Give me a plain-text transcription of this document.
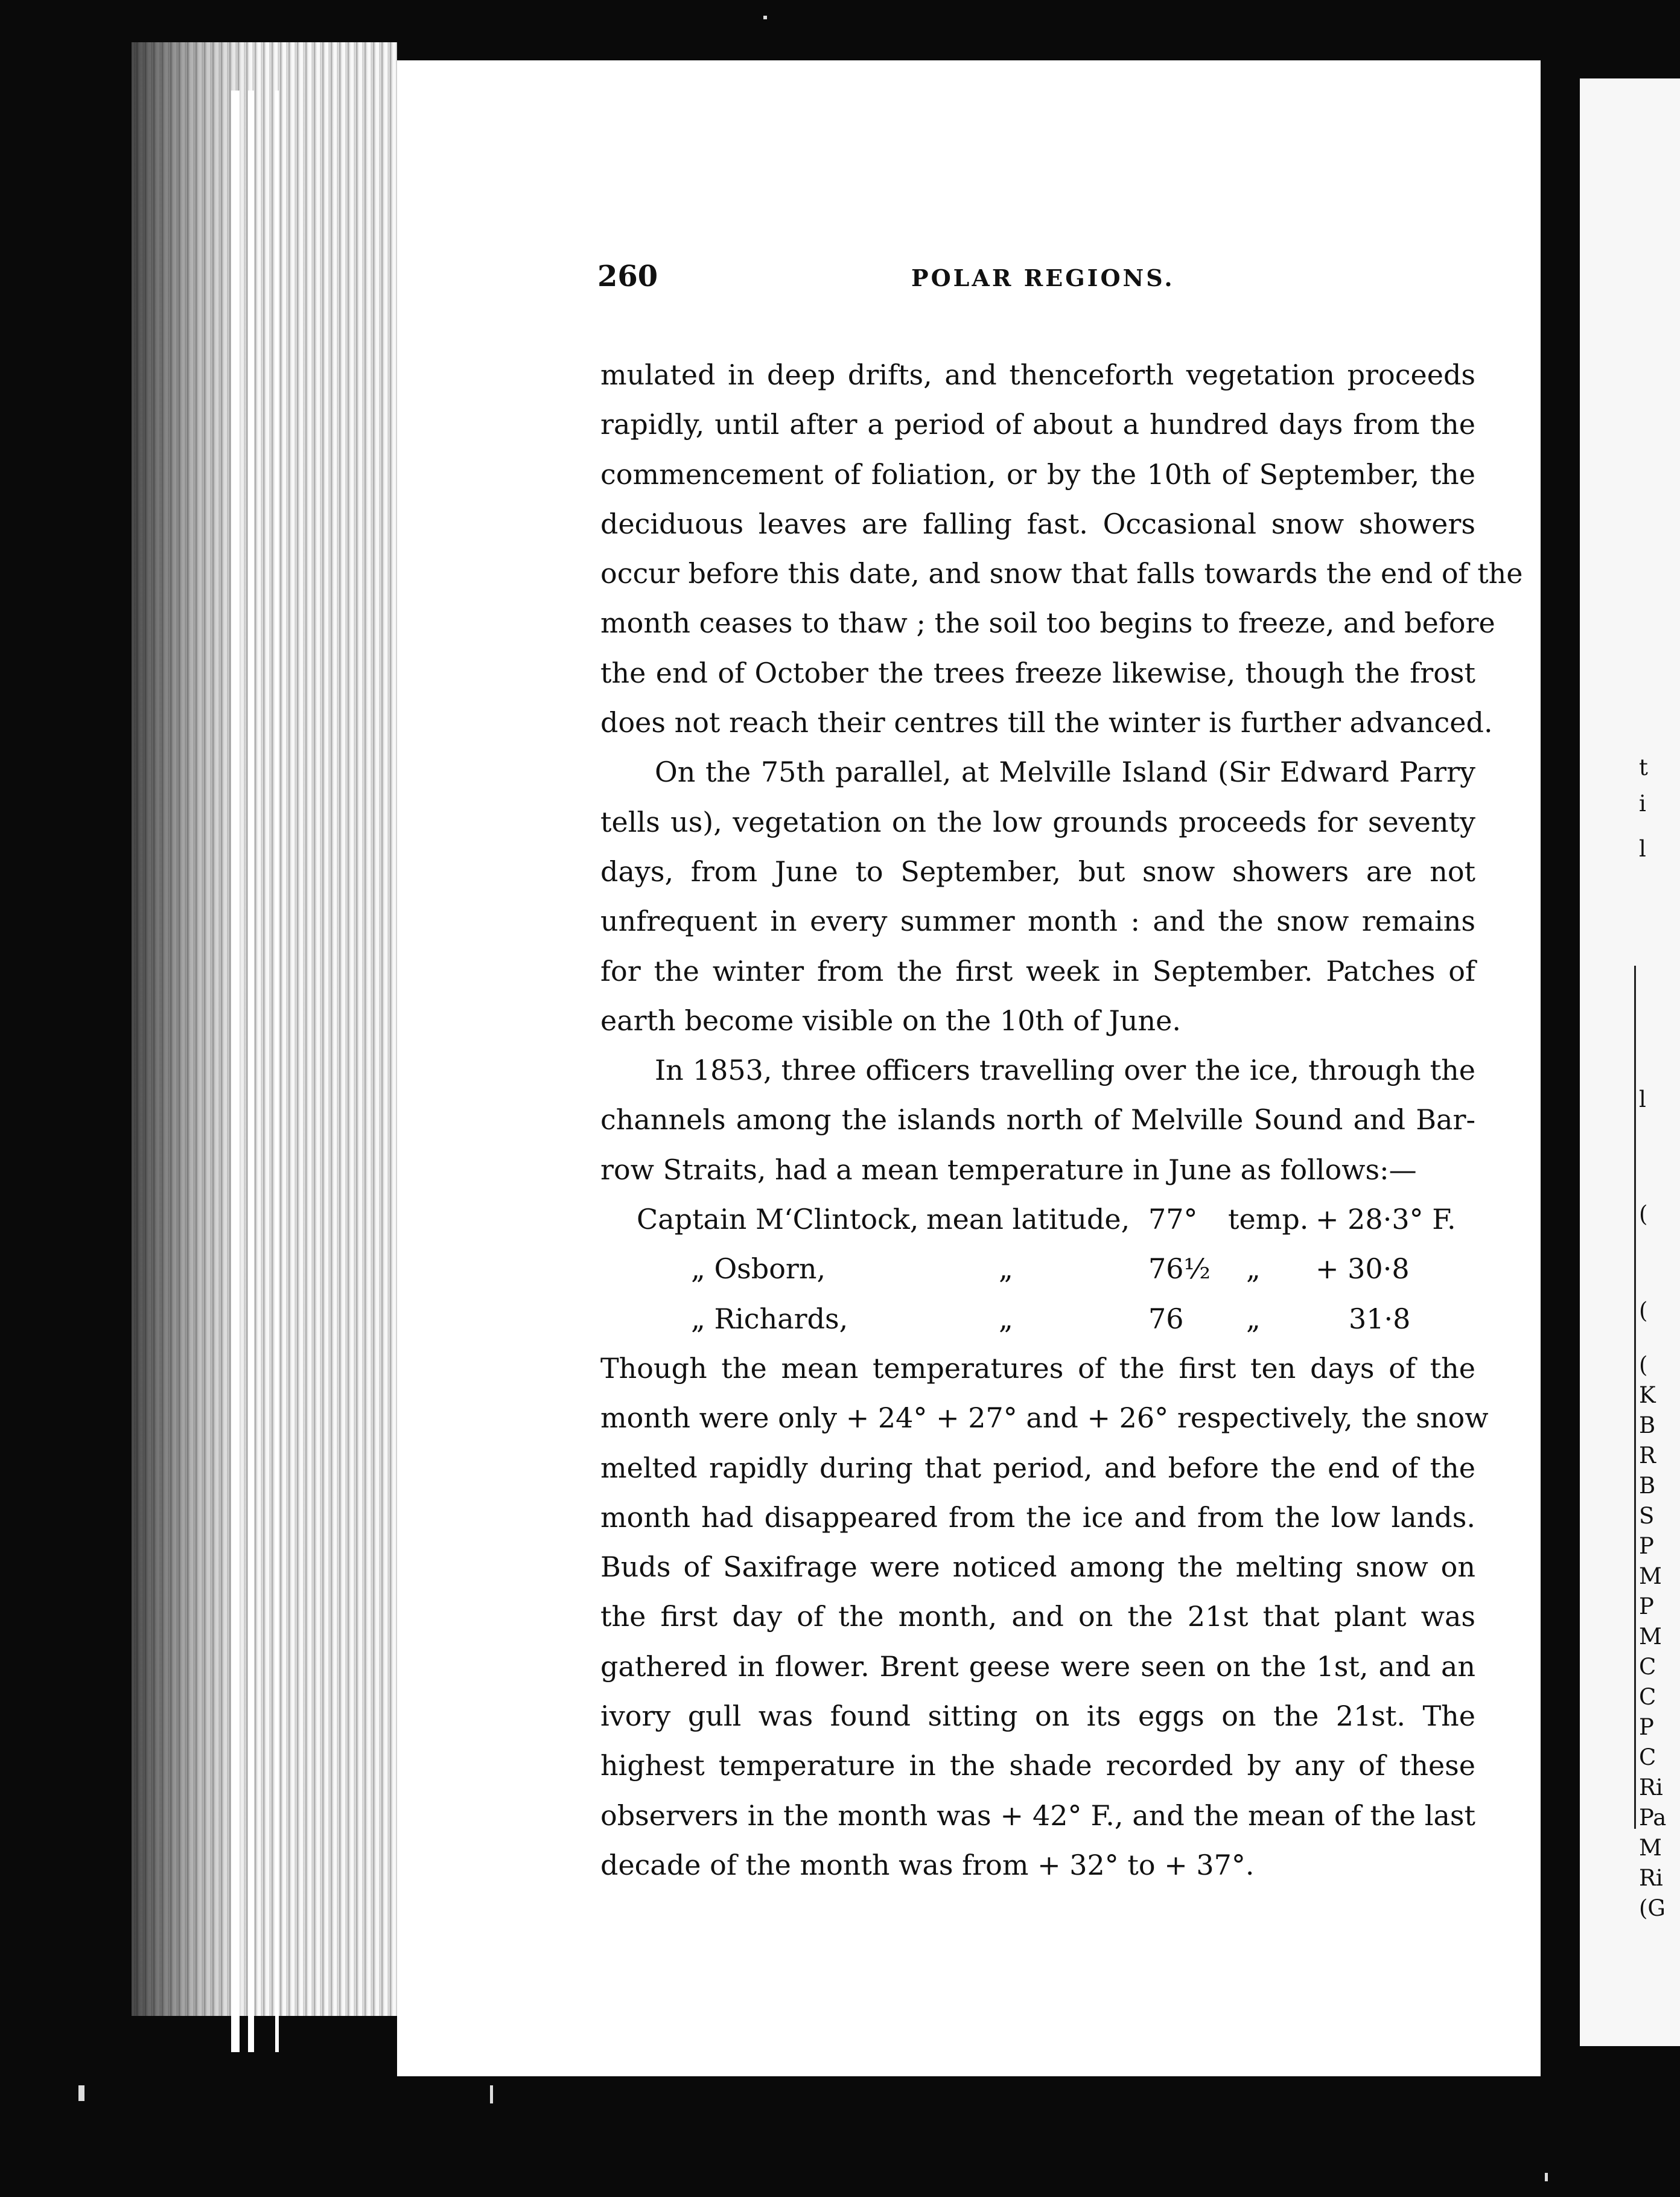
t
i
l
l
(
(
(
K
B
R
B
S
P
M
P
M
C
C
P
C
Ri
Pa
M
Ri
(G
260	POLAR REGIONS.
mulated in deep drifts, and thenceforth vegetation proceeds
rapidly, until after a period of about a hundred days from the
commencement of foliation, or by the 10th of September, the
deciduous leaves are falling fast. Occasional snow showers
occur before this date, and snow that falls towards the end of the
month ceases to thaw ; the soil too begins to freeze, and before
the end of October the trees freeze likewise, though the frost
does not reach their centres till the winter is further advanced.
On the 75th parallel, at Melville Island (Sir Edward Parry
tells us), vegetation on the low grounds proceeds for seventy
days, from June to September, but snow showers are not
unfrequent in every summer month : and the snow remains
for the winter from the first week in September. Patches of
earth become visible on the 10th of June.
In 1853, three officers travelling over the ice, through the
channels among the islands north of Melville Sound and Bar-
row Straits, had a mean temperature in June as follows:—
Captain M‘Clintock, mean latitude, 77° temp. + 28·3° F.
„ Osborn,	„	76½ „ + 30·8
„ Richards,	„	76 „	31·8
Though the mean temperatures of the first ten days of the
month were only + 24° + 27° and + 26° respectively, the snow
melted rapidly during that period, and before the end of the
month had disappeared from the ice and from the low lands.
Buds of Saxifrage were noticed among the melting snow on
the first day of the month, and on the 21st that plant was
gathered in flower. Brent geese were seen on the 1st, and an
ivory gull was found sitting on its eggs on the 21st. The
highest temperature in the shade recorded by any of these
observers in the month was + 42° F., and the mean of the last
decade of the month was from + 32° to + 37°.
